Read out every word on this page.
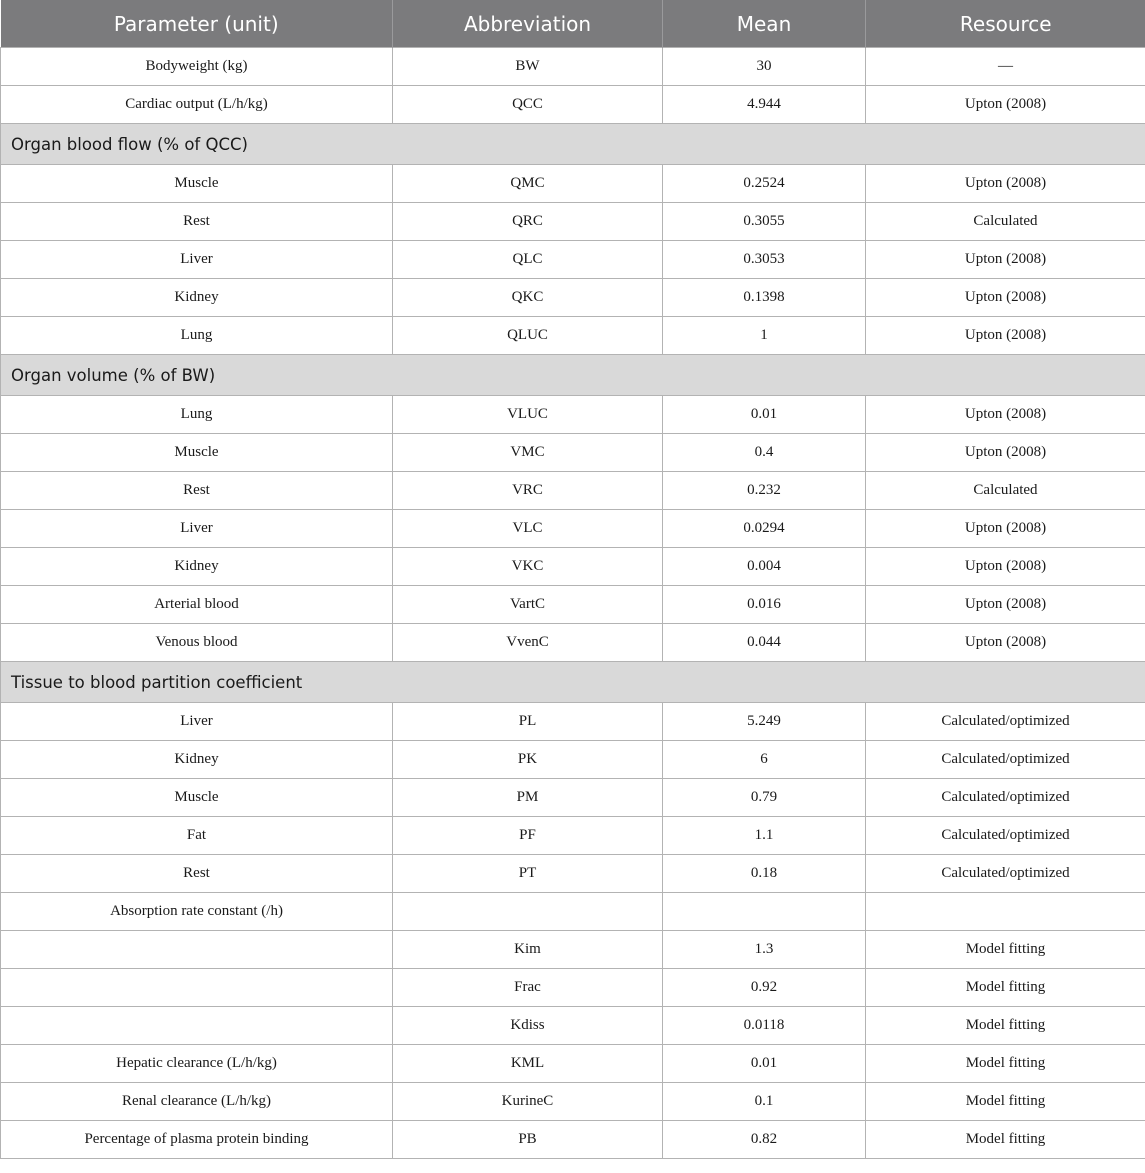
Parameter (unit)	Abbreviation	Mean	Resource
Bodyweight (kg)	BW	30	—
Cardiac output (L/h/kg)	QCC	4.944	Upton (2008)
Organ blood flow (% of QCC)			
Muscle	QMC	0.2524	Upton (2008)
Rest	QRC	0.3055	Calculated
Liver	QLC	0.3053	Upton (2008)
Kidney	QKC	0.1398	Upton (2008)
Lung	QLUC	1	Upton (2008)
Organ volume (% of BW)			
Lung	VLUC	0.01	Upton (2008)
Muscle	VMC	0.4	Upton (2008)
Rest	VRC	0.232	Calculated
Liver	VLC	0.0294	Upton (2008)
Kidney	VKC	0.004	Upton (2008)
Arterial blood	VartC	0.016	Upton (2008)
Venous blood	VvenC	0.044	Upton (2008)
Tissue to blood partition coefficient			
Liver	PL	5.249	Calculated/optimized
Kidney	PK	6	Calculated/optimized
Muscle	PM	0.79	Calculated/optimized
Fat	PF	1.1	Calculated/optimized
Rest	PT	0.18	Calculated/optimized
Absorption rate constant (/h)			
	Kim	1.3	Model fitting
	Frac	0.92	Model fitting
	Kdiss	0.0118	Model fitting
Hepatic clearance (L/h/kg)	KML	0.01	Model fitting
Renal clearance (L/h/kg)	KurineC	0.1	Model fitting
Percentage of plasma protein binding	PB	0.82	Model fitting
